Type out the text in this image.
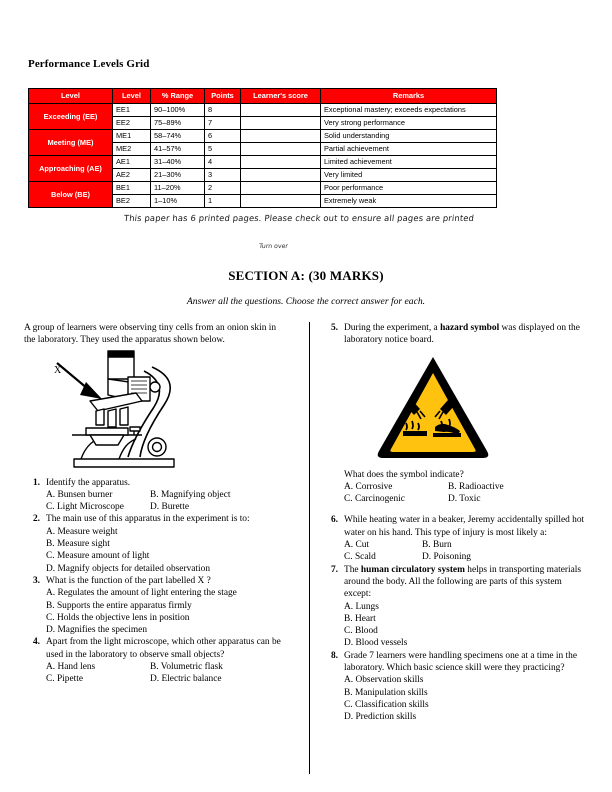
Performance Levels Grid
Level	Level	% Range	Points	Learner's score	Remarks
Exceeding (EE)	EE1	90–100%	8		Exceptional mastery; exceeds expectations
	EE2	75–89%	7		Very strong performance
Meeting (ME)	ME1	58–74%	6		Solid understanding
	ME2	41–57%	5		Partial achievement
Approaching (AE)	AE1	31–40%	4		Limited achievement
	AE2	21–30%	3		Very limited
Below (BE)	BE1	11–20%	2		Poor performance
	BE2	1–10%	1		Extremely weak
This paper has 6 printed pages. Please check out to ensure all pages are printed
Turn over
SECTION A: (30 MARKS)
Answer all the questions. Choose the correct answer for each.
A group of learners were observing tiny cells from an onion skin in the laboratory. They used the apparatus shown below.
X
1. Identify the apparatus.
A. Bunsen burner	B. Magnifying object
C. Light Microscope	D. Burette
2. The main use of this apparatus in the experiment is to:
A. Measure weight
B. Measure sight
C. Measure amount of light
D. Magnify objects for detailed observation
3. What is the function of the part labelled X ?
A. Regulates the amount of light entering the stage
B. Supports the entire apparatus firmly
C. Holds the objective lens in position
D. Magnifies the specimen
4. Apart from the light microscope, which other apparatus can be used in the laboratory to observe small objects?
A. Hand lens	B. Volumetric flask
C. Pipette	D. Electric balance
5. During the experiment, a hazard symbol was displayed on the laboratory notice board.
What does the symbol indicate?
A. Corrosive	B. Radioactive
C. Carcinogenic	D. Toxic
6. While heating water in a beaker, Jeremy accidentally spilled hot water on his hand. This type of injury is most likely a:
A. Cut	B. Burn
C. Scald	D. Poisoning
7. The human circulatory system helps in transporting materials around the body. All the following are parts of this system except:
A. Lungs
B. Heart
C. Blood
D. Blood vessels
8. Grade 7 learners were handling specimens one at a time in the laboratory. Which basic science skill were they practicing?
A. Observation skills
B. Manipulation skills
C. Classification skills
D. Prediction skills
